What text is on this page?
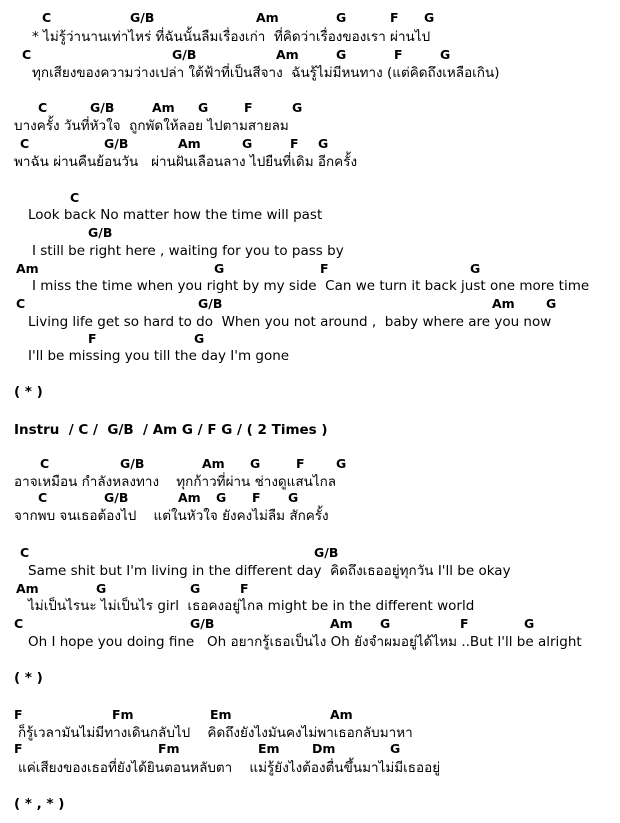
C	G/B	Am	G	F G
* ไม่รู้ว่านานเท่าไหร่ ที่ฉันนั้นลืมเรื่องเก่า  ที่คิดว่าเรื่องของเรา ผ่านไป
C	G/B	Am	G	F	G
ทุกเสียงของความว่างเปล่า ใต้ฟ้าที่เป็นสีจาง  ฉันรู้ไม่มีหนทาง (แต่คิดถึงเหลือเกิน)
C	G/B	Am G	F	G
บางครั้ง วันที่หัวใจ  ถูกพัดให้ลอย ไปตามสายลม
C	G/B	Am	G	F G
พาฉัน ผ่านคืนย้อนวัน   ผ่านฝันเลือนลาง ไปยืนที่เดิม อีกครั้ง
C
Look back No matter how the time will past
G/B
I still be right here , waiting for you to pass by
Am	G	F	G
I miss the time when you right by my side  Can we turn it back just one more time
C	G/B	Am	G
Living life get so hard to do  When you not around ,  baby where are you now
F	G
I'll be missing you till the day I'm gone
( * )
Instru  / C /  G/B  / Am G / F G / ( 2 Times )
C	G/B	Am G	F	G
อาจเหมือน กำลังหลงทาง    ทุกก้าวที่ผ่าน ช่างดูแสนไกล
C	G/B	Am G F G
จากพบ จนเธอต้องไป    แต่ในหัวใจ ยังคงไม่ลืม สักครั้ง
C	G/B
Same shit but I'm living in the different day  คิดถึงเธออยู่ทุกวัน I'll be okay
Am	G	G	F
ไม่เป็นไรนะ ไม่เป็นไร girl  เธอคงอยู่ไกล might be in the different world
C	G/B	Am G	F	G
Oh I hope you doing fine   Oh อยากรู้เธอเป็นไง Oh ยังจำผมอยู่ได้ไหม ..But I'll be alright
( * )
F	Fm	Em	Am
ก็รู้เวลามันไม่มีทางเดินกลับไป    คิดถึงยังไงมันคงไม่พาเธอกลับมาหา
F	Fm	Em	Dm	G
แค่เสียงของเธอที่ยังได้ยินตอนหลับตา    แม่รู้ยังไงต้องตื่นขึ้นมาไม่มีเธออยู่
( * , * )
